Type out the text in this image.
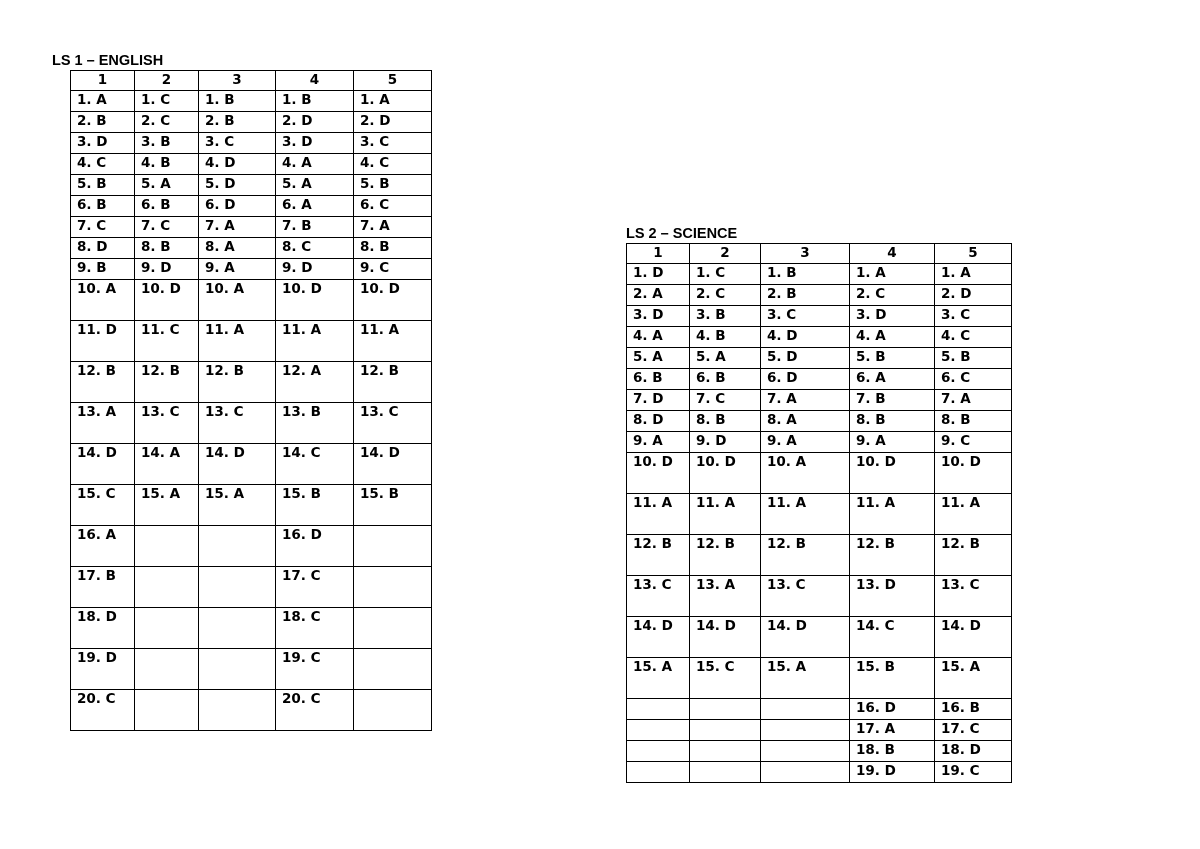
LS 1 – ENGLISH
1	2	3	4	5
1. A	1. C	1. B	1. B	1. A
2. B	2. C	2. B	2. D	2. D
3. D	3. B	3. C	3. D	3. C
4. C	4. B	4. D	4. A	4. C
5. B	5. A	5. D	5. A	5. B
6. B	6. B	6. D	6. A	6. C
7. C	7. C	7. A	7. B	7. A
8. D	8. B	8. A	8. C	8. B
9. B	9. D	9. A	9. D	9. C
10. A	10. D	10. A	10. D	10. D
11. D	11. C	11. A	11. A	11. A
12. B	12. B	12. B	12. A	12. B
13. A	13. C	13. C	13. B	13. C
14. D	14. A	14. D	14. C	14. D
15. C	15. A	15. A	15. B	15. B
16. A			16. D	
17. B			17. C	
18. D			18. C	
19. D			19. C	
20. C			20. C	
LS 2 – SCIENCE
1	2	3	4	5
1. D	1. C	1. B	1. A	1. A
2. A	2. C	2. B	2. C	2. D
3. D	3. B	3. C	3. D	3. C
4. A	4. B	4. D	4. A	4. C
5. A	5. A	5. D	5. B	5. B
6. B	6. B	6. D	6. A	6. C
7. D	7. C	7. A	7. B	7. A
8. D	8. B	8. A	8. B	8. B
9. A	9. D	9. A	9. A	9. C
10. D	10. D	10. A	10. D	10. D
11. A	11. A	11. A	11. A	11. A
12. B	12. B	12. B	12. B	12. B
13. C	13. A	13. C	13. D	13. C
14. D	14. D	14. D	14. C	14. D
15. A	15. C	15. A	15. B	15. A
			16. D	16. B
			17. A	17. C
			18. B	18. D
			19. D	19. C
